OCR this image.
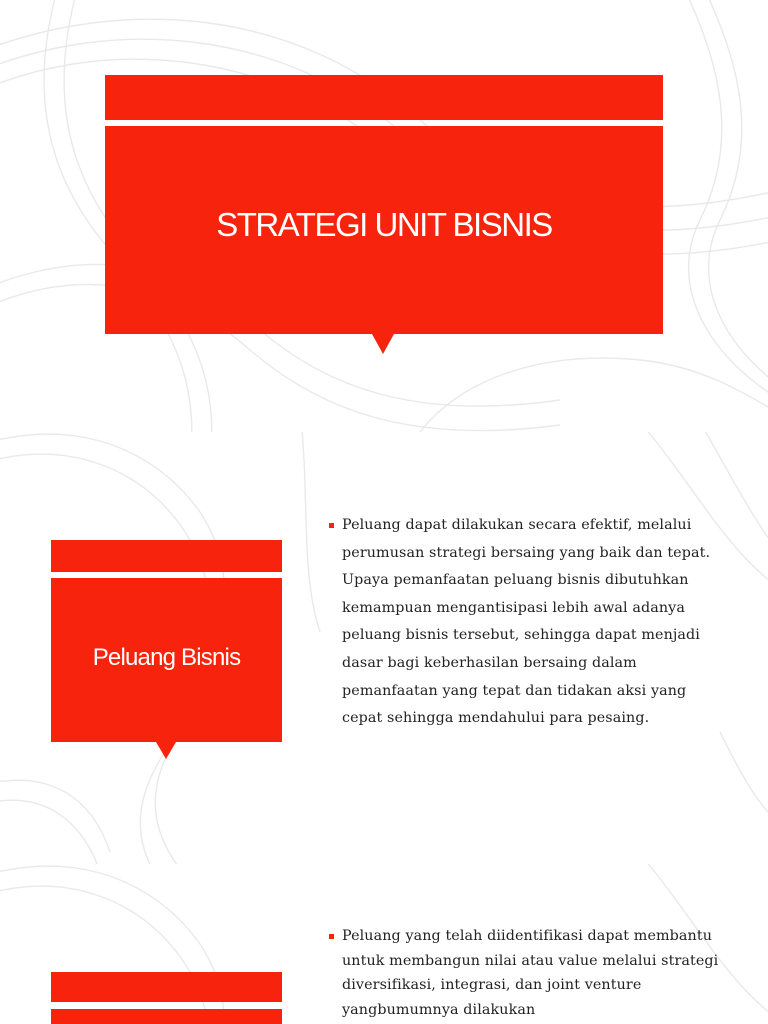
STRATEGI UNIT BISNIS
Peluang Bisnis
Peluang dapat dilakukan secara efektif, melalui perumusan strategi bersaing yang baik dan tepat. Upaya pemanfaatan peluang bisnis dibutuhkan kemampuan mengantisipasi lebih awal adanya peluang bisnis tersebut, sehingga dapat menjadi dasar bagi keberhasilan bersaing dalam pemanfaatan yang tepat dan tidakan aksi yang cepat sehingga mendahului para pesaing.
Peluang yang telah diidentifikasi dapat membantu untuk membangun nilai atau value melalui strategi diversifikasi, integrasi, dan joint venture yangbumumnya dilakukan
